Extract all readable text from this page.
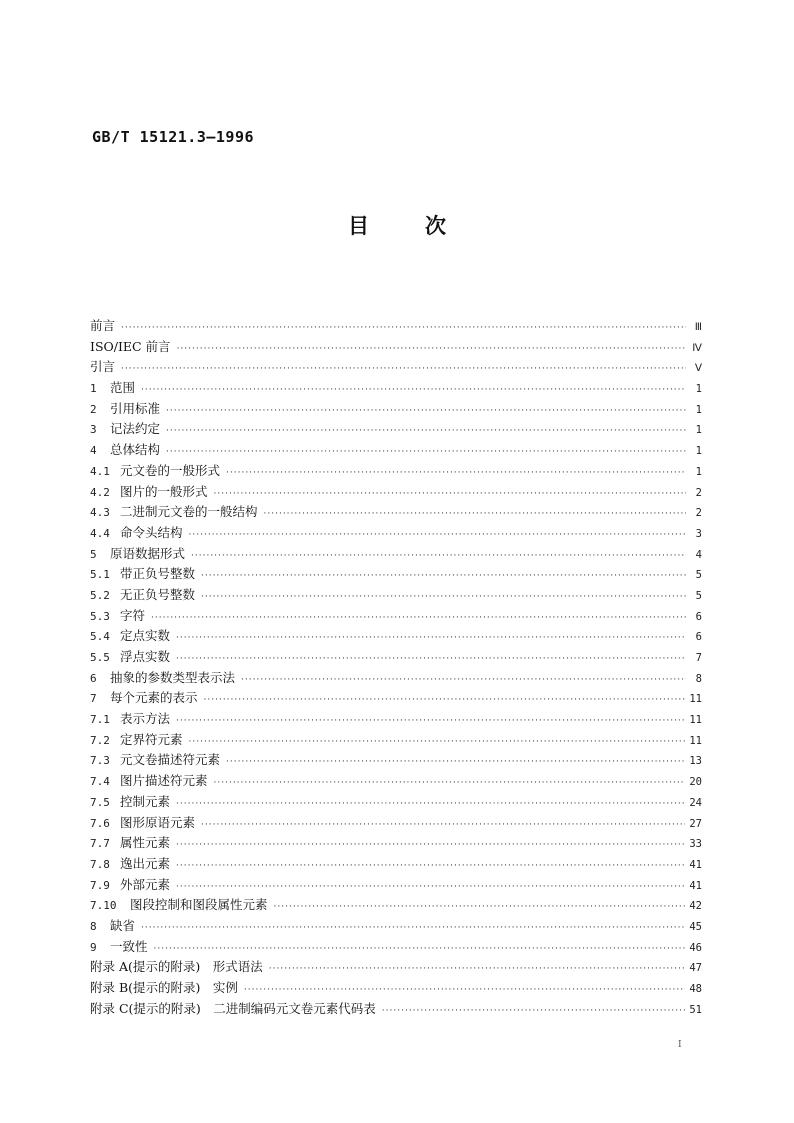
GB/T 15121.3—1996
目	次
前言 ·····	Ⅲ
ISO/IEC 前言 ·····	Ⅳ
引言 ·····	Ⅴ
1	范围 ·····	1
2	引用标准 ·····	1
3	记法约定 ·····	1
4	总体结构 ·····	1
4.1 元文卷的一般形式 ·····	1
4.2 图片的一般形式 ·····	2
4.3 二进制元文卷的一般结构 ·····	2
4.4 命令头结构 ·····	3
5	原语数据形式 ·····	4
5.1 带正负号整数 ·····	5
5.2 无正负号整数 ·····	5
5.3 字符 ·····	6
5.4 定点实数 ·····	6
5.5 浮点实数 ·····	7
6	抽象的参数类型表示法 ·····	8
7	每个元素的表示 ·····	11
7.1 表示方法 ·····	11
7.2 定界符元素 ·····	11
7.3 元文卷描述符元素 ·····	13
7.4 图片描述符元素 ·····	20
7.5 控制元素 ·····	24
7.6 图形原语元素 ·····	27
7.7 属性元素 ·····	33
7.8 逸出元素 ·····	41
7.9 外部元素 ·····	41
7.10	图段控制和图段属性元素 ·····	42
8	缺省 ·····	45
9	一致性 ·····	46
附录 A(提示的附录)　形式语法 ·····	47
附录 B(提示的附录)　实例 ·····	48
附录 C(提示的附录)　二进制编码元文卷元素代码表 ·····	51
Ⅰ
